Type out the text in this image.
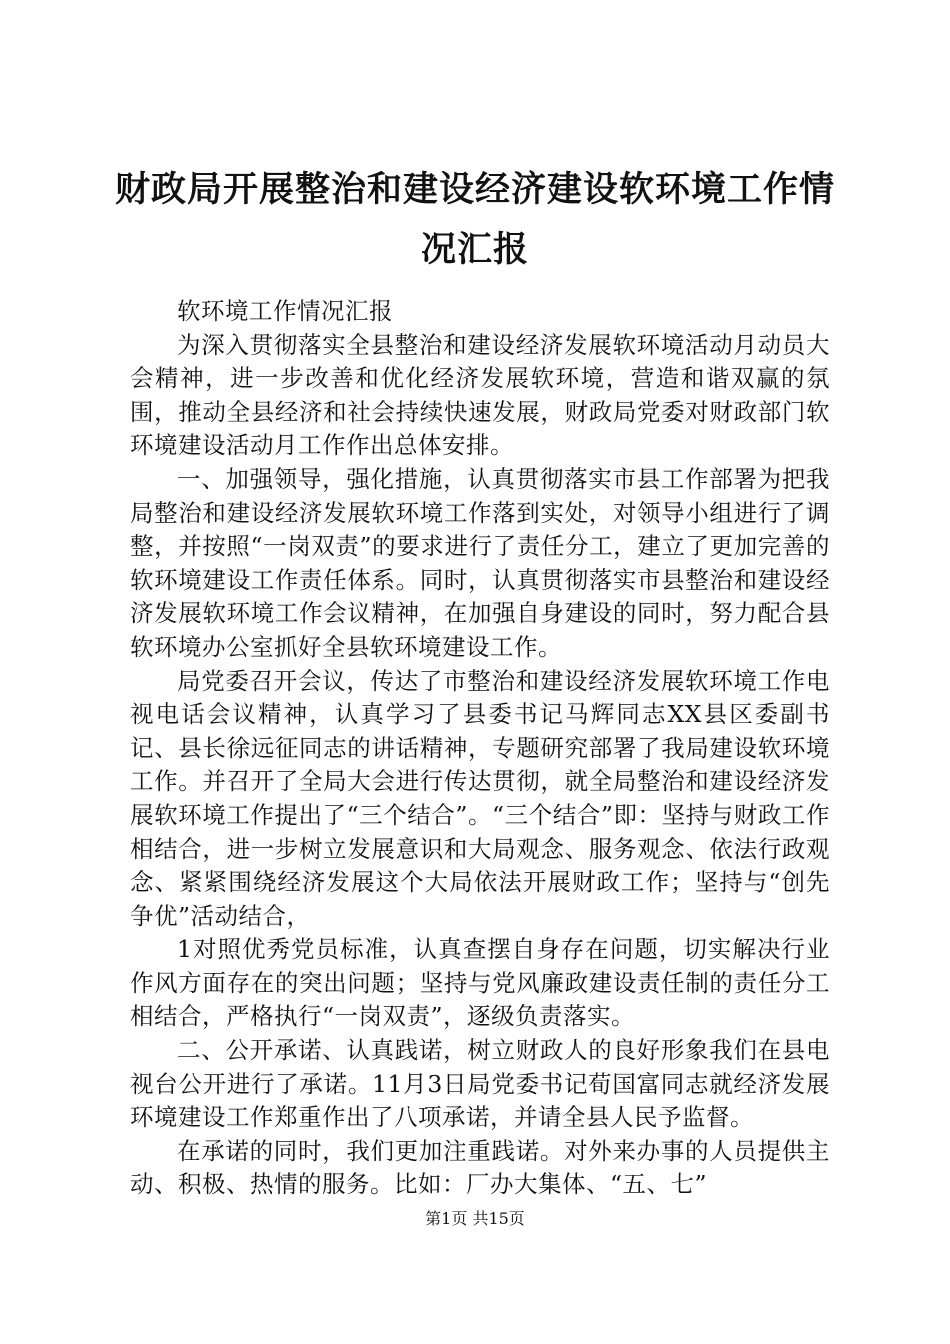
财政局开展整治和建设经济建设软环境工作情况汇报

软环境工作情况汇报

为深入贯彻落实全县整治和建设经济发展软环境活动月动员大会精神，进一步改善和优化经济发展软环境，营造和谐双赢的氛围，推动全县经济和社会持续快速发展，财政局党委对财政部门软环境建设活动月工作作出总体安排。

一、加强领导，强化措施，认真贯彻落实市县工作部署为把我局整治和建设经济发展软环境工作落到实处，对领导小组进行了调整，并按照“一岗双责”的要求进行了责任分工，建立了更加完善的软环境建设工作责任体系。同时，认真贯彻落实市县整治和建设经济发展软环境工作会议精神，在加强自身建设的同时，努力配合县软环境办公室抓好全县软环境建设工作。

局党委召开会议，传达了市整治和建设经济发展软环境工作电视电话会议精神，认真学习了县委书记马辉同志XX县区委副书记、县长徐远征同志的讲话精神，专题研究部署了我局建设软环境工作。并召开了全局大会进行传达贯彻，就全局整治和建设经济发展软环境工作提出了“三个结合”。“三个结合”即：坚持与财政工作相结合，进一步树立发展意识和大局观念、服务观念、依法行政观念、紧紧围绕经济发展这个大局依法开展财政工作；坚持与“创先争优”活动结合，

1对照优秀党员标准，认真查摆自身存在问题，切实解决行业作风方面存在的突出问题；坚持与党风廉政建设责任制的责任分工相结合，严格执行“一岗双责”，逐级负责落实。

二、公开承诺、认真践诺，树立财政人的良好形象我们在县电视台公开进行了承诺。11月3日局党委书记荀国富同志就经济发展环境建设工作郑重作出了八项承诺，并请全县人民予监督。

在承诺的同时，我们更加注重践诺。对外来办事的人员提供主动、积极、热情的服务。比如：厂办大集体、“五、七”

第1页 共15页
